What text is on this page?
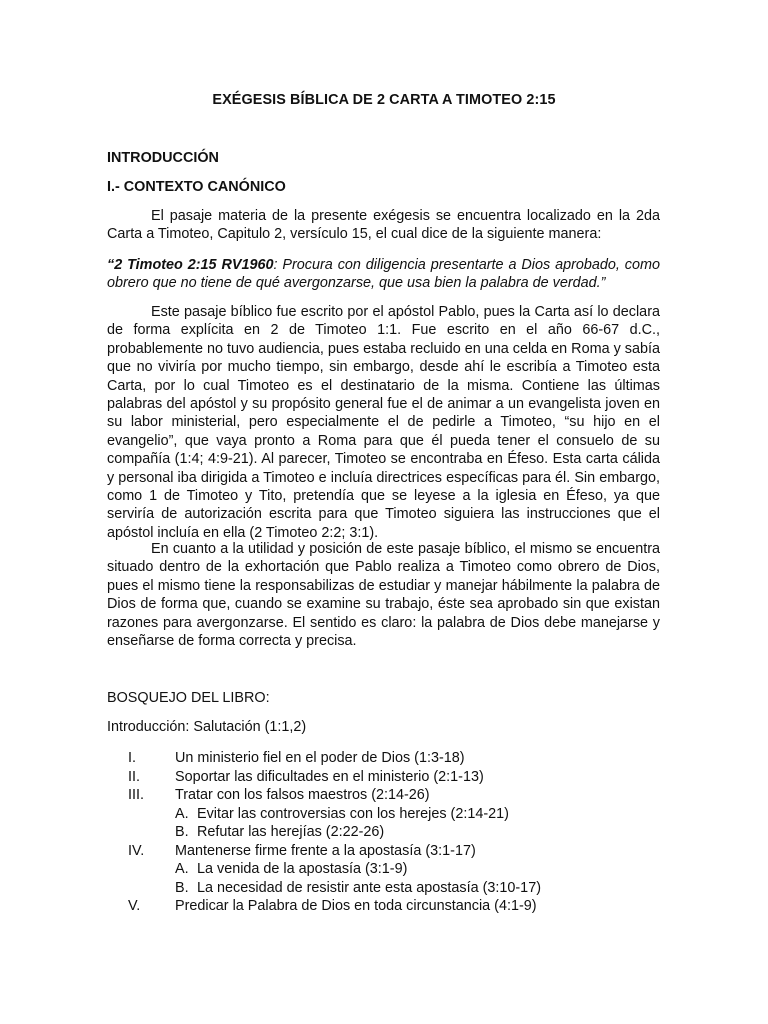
EXÉGESIS BÍBLICA DE 2 CARTA A TIMOTEO 2:15
INTRODUCCIÓN
I.- CONTEXTO CANÓNICO

El pasaje materia de la presente exégesis se encuentra localizado en la 2da Carta a Timoteo, Capitulo 2, versículo 15, el cual dice de la siguiente manera:

“2 Timoteo 2:15 RV1960: Procura con diligencia presentarte a Dios aprobado, como obrero que no tiene de qué avergonzarse, que usa bien la palabra de verdad.”

Este pasaje bíblico fue escrito por el apóstol Pablo, pues la Carta así lo declara de forma explícita en 2 de Timoteo 1:1. Fue escrito en el año 66-67 d.C., probablemente no tuvo audiencia, pues estaba recluido en una celda en Roma y sabía que no viviría por mucho tiempo, sin embargo, desde ahí le escribía a Timoteo esta Carta, por lo cual Timoteo es el destinatario de la misma. Contiene las últimas palabras del apóstol y su propósito general fue el de animar a un evangelista joven en su labor ministerial, pero especialmente el de pedirle a Timoteo, “su hijo en el evangelio”, que vaya pronto a Roma para que él pueda tener el consuelo de su compañía (1:4; 4:9-21). Al parecer, Timoteo se encontraba en Éfeso. Esta carta cálida y personal iba dirigida a Timoteo e incluía directrices específicas para él. Sin embargo, como 1 de Timoteo y Tito, pretendía que se leyese a la iglesia en Éfeso, ya que serviría de autorización escrita para que Timoteo siguiera las instrucciones que el apóstol incluía en ella (2 Timoteo 2:2; 3:1).

En cuanto a la utilidad y posición de este pasaje bíblico, el mismo se encuentra situado dentro de la exhortación que Pablo realiza a Timoteo como obrero de Dios, pues el mismo tiene la responsabilizas de estudiar y manejar hábilmente la palabra de Dios de forma que, cuando se examine su trabajo, éste sea aprobado sin que existan razones para avergonzarse. El sentido es claro: la palabra de Dios debe manejarse y enseñarse de forma correcta y precisa.

BOSQUEJO DEL LIBRO:
Introducción: Salutación (1:1,2)
I.	Un ministerio fiel en el poder de Dios (1:3-18)
II. Soportar las dificultades en el ministerio (2:1-13)
III. Tratar con los falsos maestros (2:14-26)
A. Evitar las controversias con los herejes (2:14-21)
B. Refutar las herejías (2:22-26)
IV. Mantenerse firme frente a la apostasía (3:1-17)
A. La venida de la apostasía (3:1-9)
B. La necesidad de resistir ante esta apostasía (3:10-17)
V. Predicar la Palabra de Dios en toda circunstancia (4:1-9)
